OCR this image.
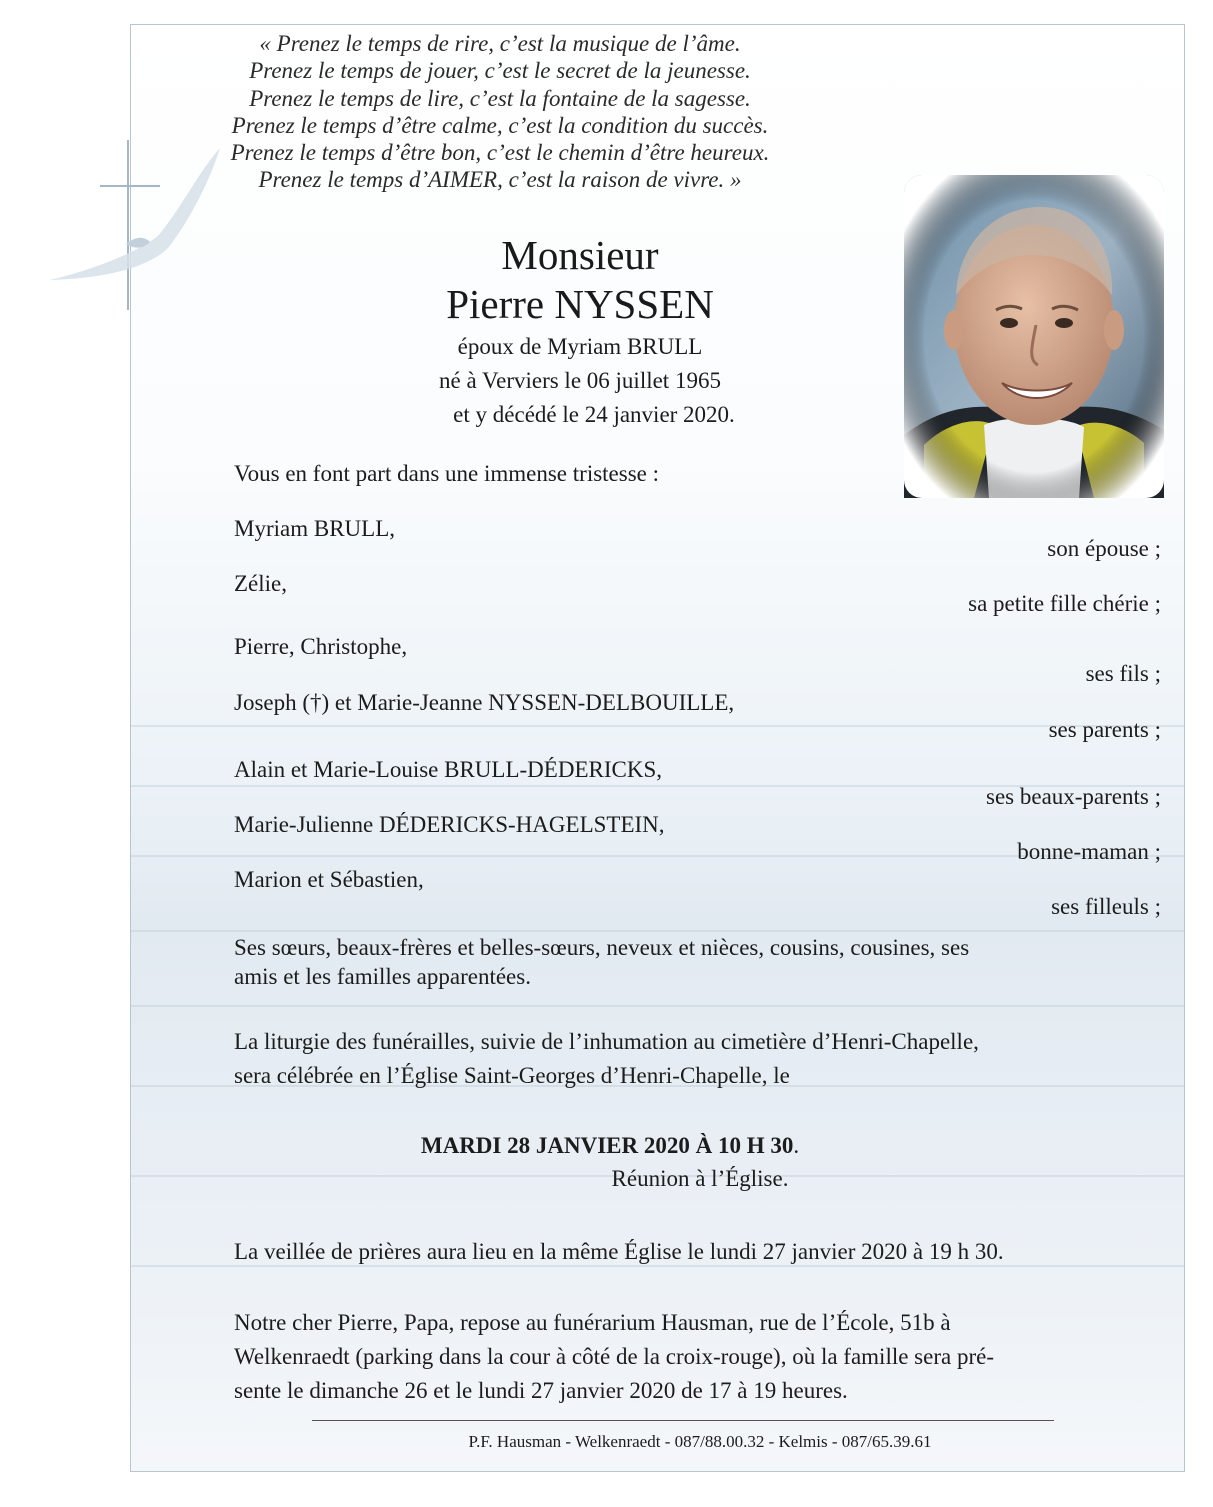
« Prenez le temps de rire, c’est la musique de l’âme.
Prenez le temps de jouer, c’est le secret de la jeunesse.
Prenez le temps de lire, c’est la fontaine de la sagesse.
Prenez le temps d’être calme, c’est la condition du succès.
Prenez le temps d’être bon, c’est le chemin d’être heureux.
Prenez le temps d’AIMER, c’est la raison de vivre. »
Monsieur
Pierre NYSSEN
époux de Myriam BRULL
né à Verviers le 06 juillet 1965
et y décédé le 24 janvier 2020.
Vous en font part dans une immense tristesse :
Myriam BRULL,
son épouse ;
Zélie,
sa petite fille chérie ;
Pierre, Christophe,
ses fils ;
Joseph (†) et Marie-Jeanne NYSSEN-DELBOUILLE,
ses parents ;
Alain et Marie-Louise BRULL-DÉDERICKS,
ses beaux-parents ;
Marie-Julienne DÉDERICKS-HAGELSTEIN,
bonne-maman ;
Marion et Sébastien,
ses filleuls ;
Ses sœurs, beaux-frères et belles-sœurs, neveux et nièces, cousins, cousines, ses
amis et les familles apparentées.
La liturgie des funérailles, suivie de l’inhumation au cimetière d’Henri-Chapelle,
sera célébrée en l’Église Saint-Georges d’Henri-Chapelle, le
MARDI 28 JANVIER 2020 À 10 H 30.
Réunion à l’Église.
La veillée de prières aura lieu en la même Église le lundi 27 janvier 2020 à 19 h 30.
Notre cher Pierre, Papa, repose au funérarium Hausman, rue de l’École, 51b à
Welkenraedt (parking dans la cour à côté de la croix-rouge), où la famille sera pré-
sente le dimanche 26 et le lundi 27 janvier 2020 de 17 à 19 heures.
P.F. Hausman - Welkenraedt - 087/88.00.32 - Kelmis - 087/65.39.61
